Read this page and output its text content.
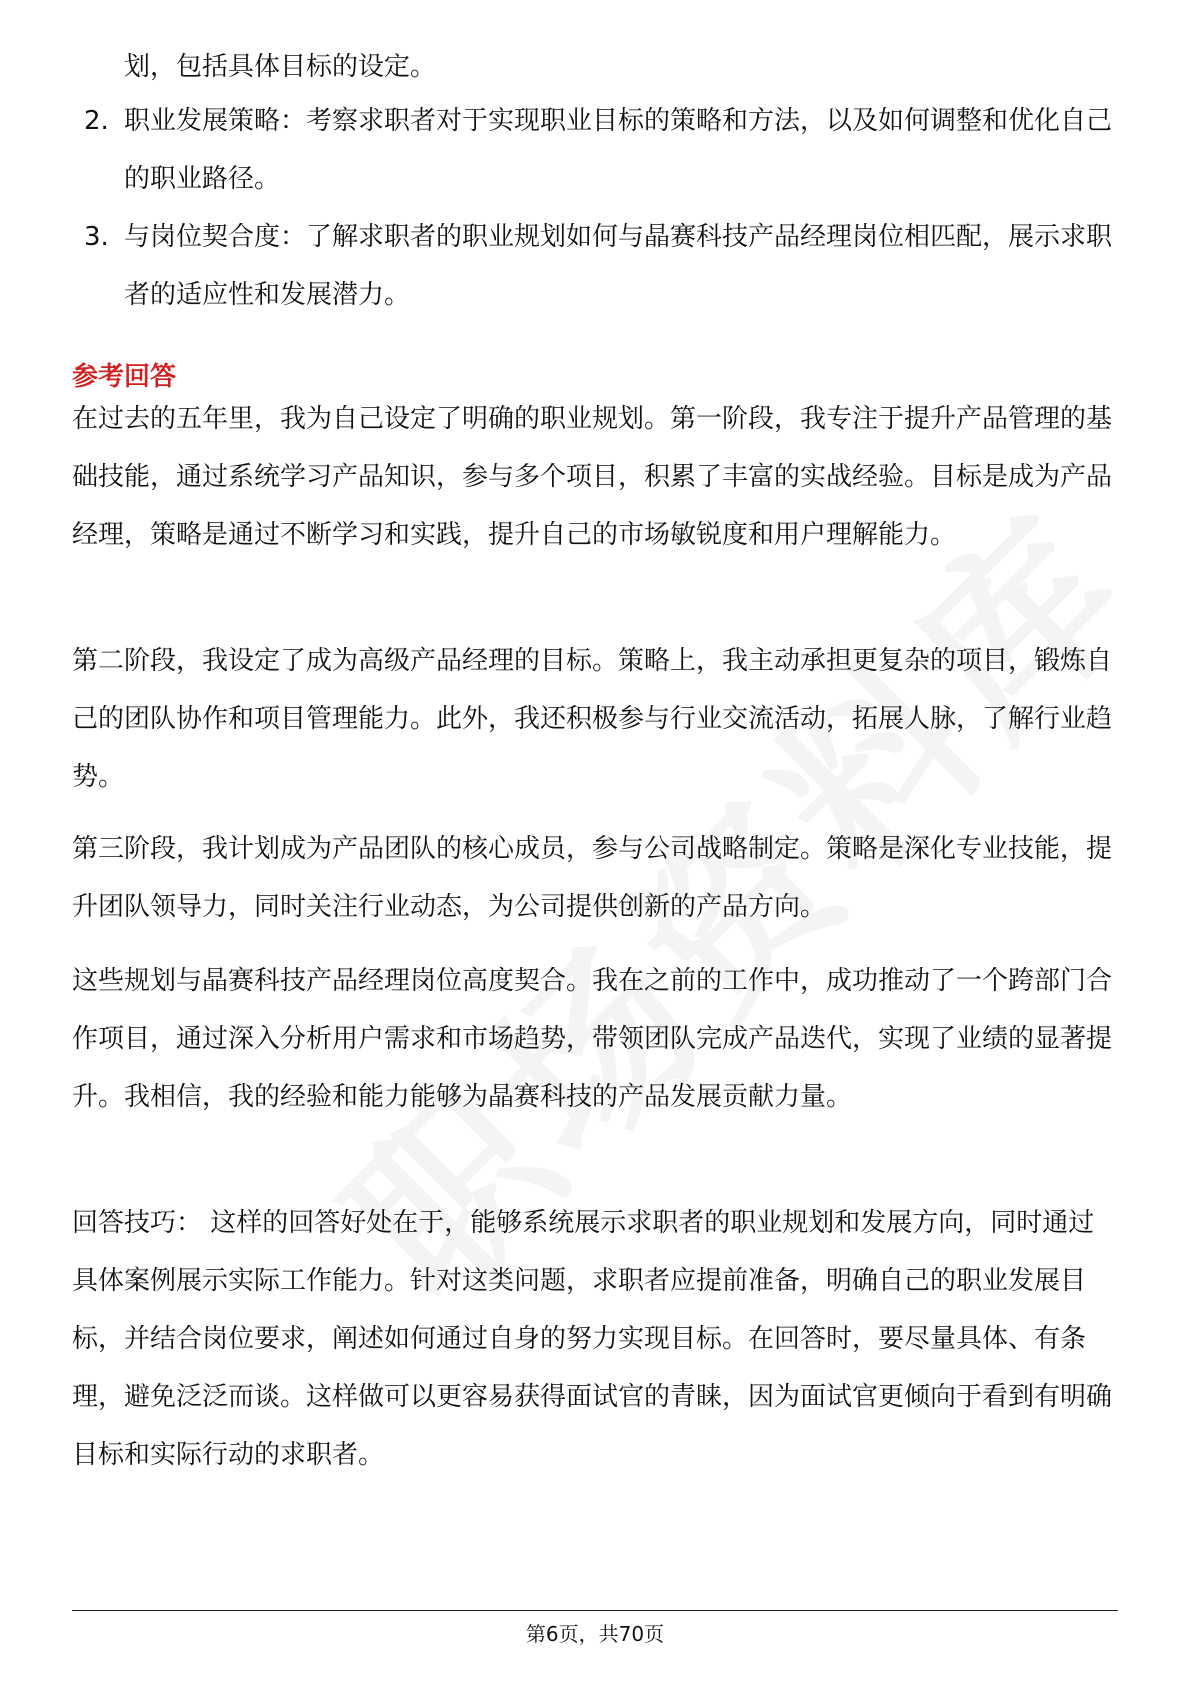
划，包括具体目标的设定。

2. 职业发展策略：考察求职者对于实现职业目标的策略和方法，以及如何调整和优化自己的职业路径。
3. 与岗位契合度：了解求职者的职业规划如何与晶赛科技产品经理岗位相匹配，展示求职者的适应性和发展潜力。
参考回答

在过去的五年里，我为自己设定了明确的职业规划。第一阶段，我专注于提升产品管理的基础技能，通过系统学习产品知识，参与多个项目，积累了丰富的实战经验。目标是成为产品经理，策略是通过不断学习和实践，提升自己的市场敏锐度和用户理解能力。

第二阶段，我设定了成为高级产品经理的目标。策略上，我主动承担更复杂的项目，锻炼自己的团队协作和项目管理能力。此外，我还积极参与行业交流活动，拓展人脉，了解行业趋势。

第三阶段，我计划成为产品团队的核心成员，参与公司战略制定。策略是深化专业技能，提升团队领导力，同时关注行业动态，为公司提供创新的产品方向。

这些规划与晶赛科技产品经理岗位高度契合。我在之前的工作中，成功推动了一个跨部门合作项目，通过深入分析用户需求和市场趋势，带领团队完成产品迭代，实现了业绩的显著提升。我相信，我的经验和能力能够为晶赛科技的产品发展贡献力量。

回答技巧： 这样的回答好处在于，能够系统展示求职者的职业规划和发展方向，同时通过具体案例展示实际工作能力。针对这类问题，求职者应提前准备，明确自己的职业发展目标，并结合岗位要求，阐述如何通过自身的努力实现目标。在回答时，要尽量具体、有条理，避免泛泛而谈。这样做可以更容易获得面试官的青睐，因为面试官更倾向于看到有明确目标和实际行动的求职者。

第6页，共70页
